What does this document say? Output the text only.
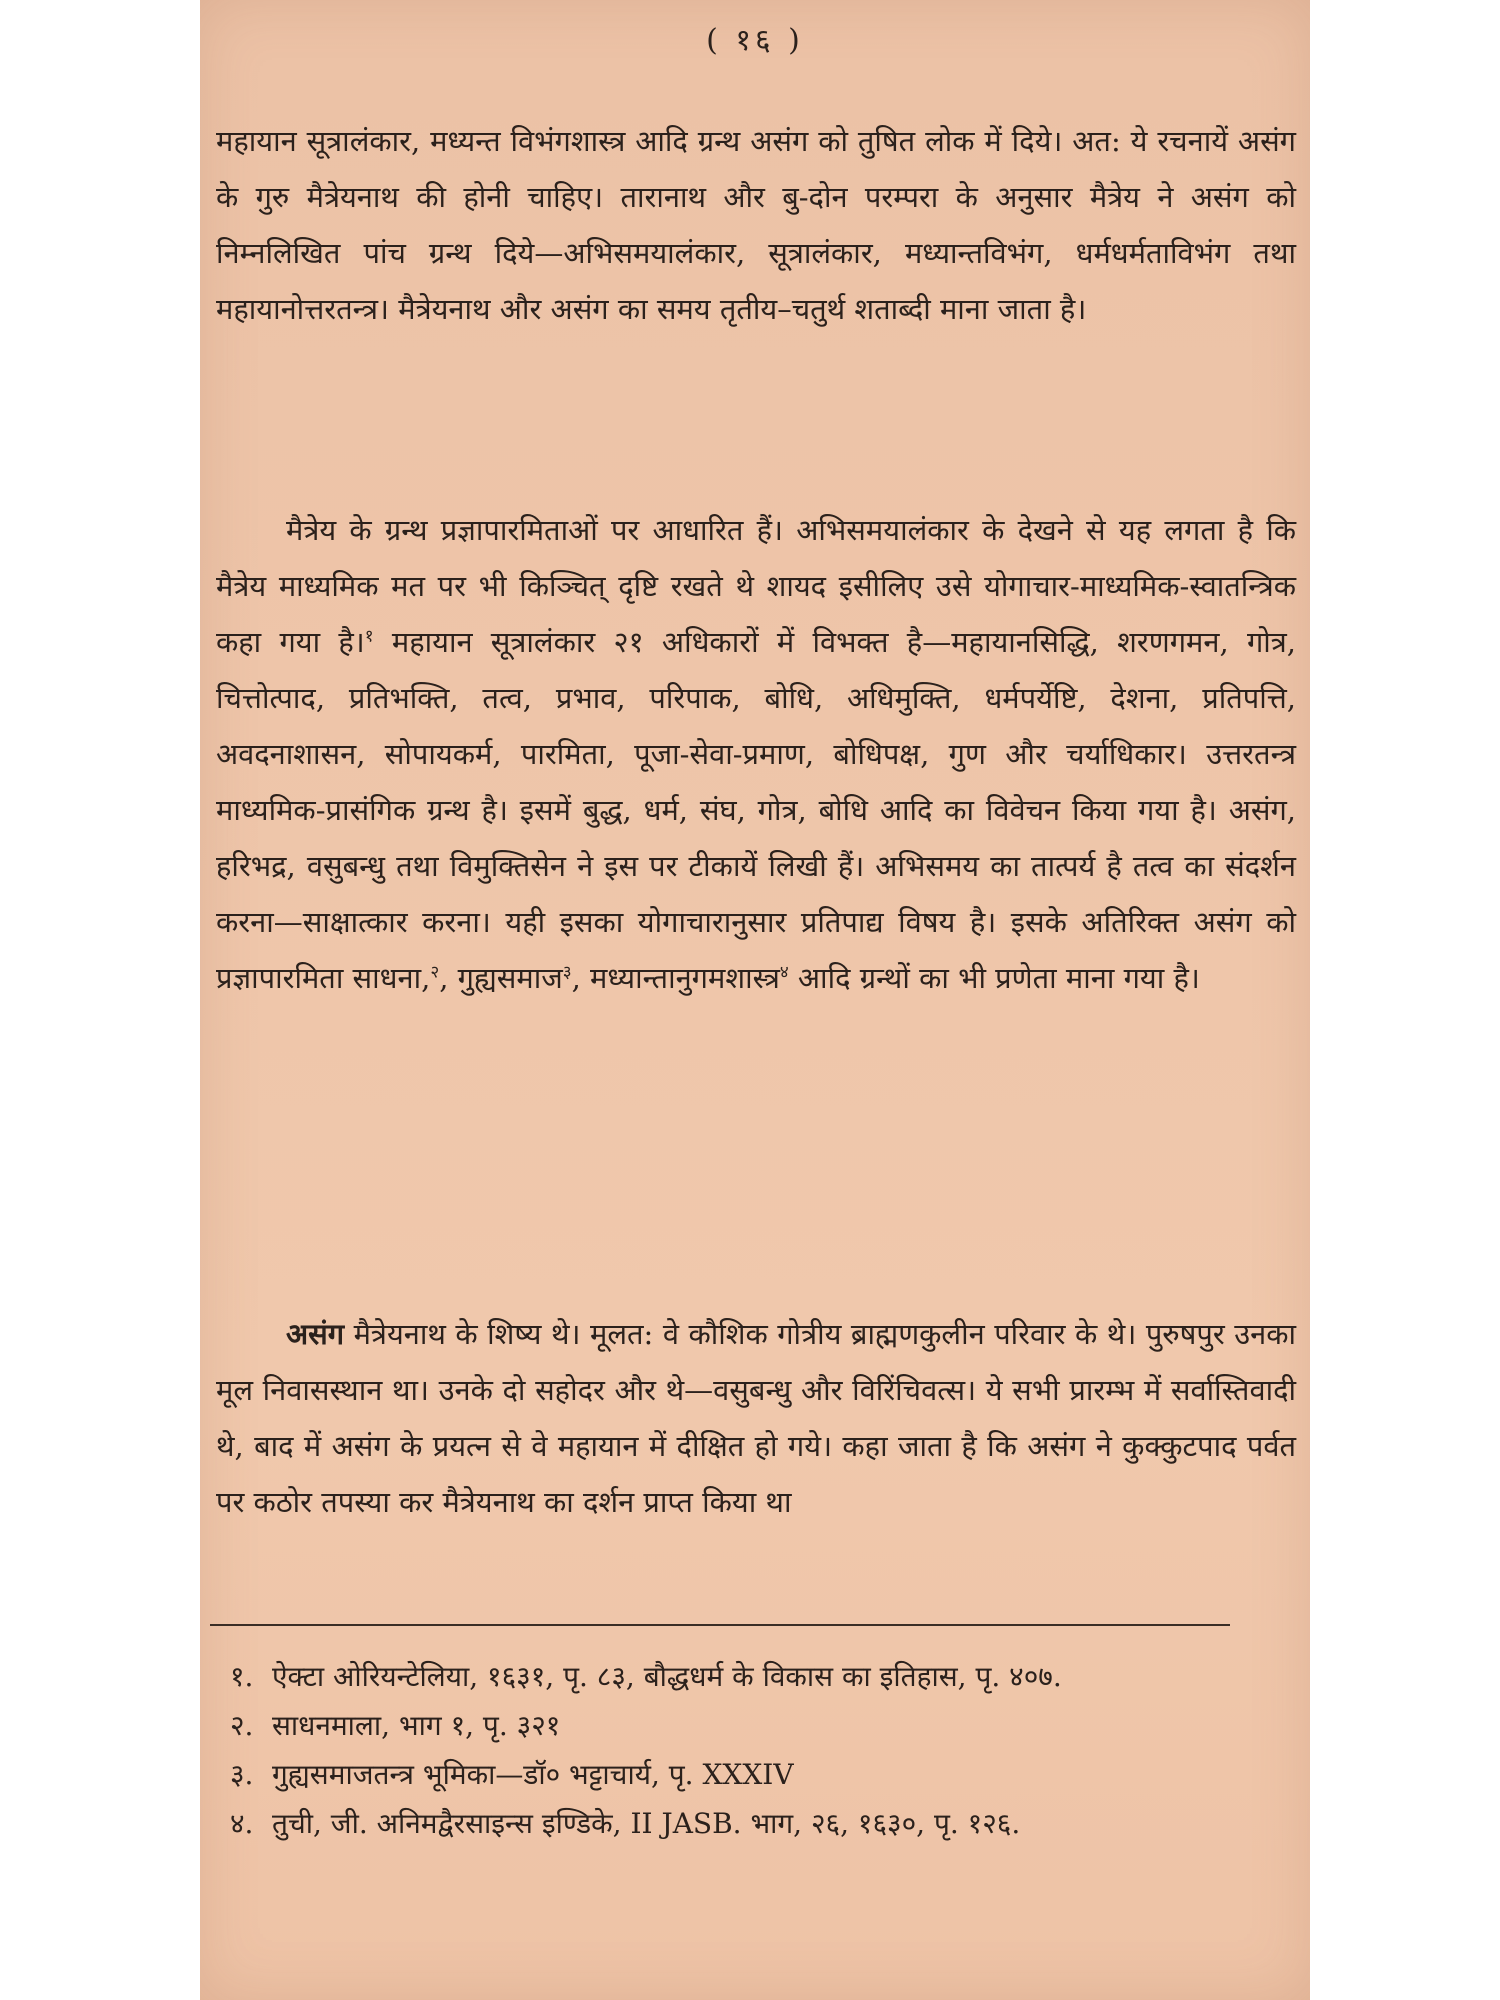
( १६ )

महायान सूत्रालंकार, मध्यन्त विभंगशास्त्र आदि ग्रन्थ असंग को तुषित लोक में दिये। अत: ये रचनायें असंग के गुरु मैत्रेयनाथ की होनी चाहिए। तारानाथ और बु-दोन परम्परा के अनुसार मैत्रेय ने असंग को निम्नलिखित पांच ग्रन्थ दिये—अभिसमयालंकार, सूत्रालंकार, मध्यान्तविभंग, धर्मधर्मताविभंग तथा महायानोत्तरतन्त्र। मैत्रेयनाथ और असंग का समय तृतीय–चतुर्थ शताब्दी माना जाता है।

मैत्रेय के ग्रन्थ प्रज्ञापारमिताओं पर आधारित हैं। अभिसमयालंकार के देखने से यह लगता है कि मैत्रेय माध्यमिक मत पर भी किञ्चित् दृष्टि रखते थे शायद इसीलिए उसे योगाचार-माध्यमिक-स्वातन्त्रिक कहा गया है।$^१$ महायान सूत्रालंकार २१ अधिकारों में विभक्त है—महायानसिद्धि, शरणगमन, गोत्र, चित्तोत्पाद, प्रतिभक्ति, तत्व, प्रभाव, परिपाक, बोधि, अधिमुक्ति, धर्मपर्येष्टि, देशना, प्रतिपत्ति, अवदनाशासन, सोपायकर्म, पारमिता, पूजा-सेवा-प्रमाण, बोधिपक्ष, गुण और चर्याधिकार। उत्तरतन्त्र माध्यमिक-प्रासंगिक ग्रन्थ है। इसमें बुद्ध, धर्म, संघ, गोत्र, बोधि आदि का विवेचन किया गया है। असंग, हरिभद्र, वसुबन्धु तथा विमुक्तिसेन ने इस पर टीकायें लिखी हैं। अभिसमय का तात्पर्य है तत्व का संदर्शन करना—साक्षात्कार करना। यही इसका योगाचारानुसार प्रतिपाद्य विषय है। इसके अतिरिक्त असंग को प्रज्ञापारमिता साधना,$^२$, गुह्यसमाज$^३$, मध्यान्तानुगमशास्त्र$^४$ आदि ग्रन्थों का भी प्रणेता माना गया है।

असंग मैत्रेयनाथ के शिष्य थे। मूलत: वे कौशिक गोत्रीय ब्राह्मणकुलीन परिवार के थे। पुरुषपुर उनका मूल निवासस्थान था। उनके दो सहोदर और थे—वसुबन्धु और विरिंचिवत्स। ये सभी प्रारम्भ में सर्वास्तिवादी थे, बाद में असंग के प्रयत्न से वे महायान में दीक्षित हो गये। कहा जाता है कि असंग ने कुक्कुटपाद पर्वत पर कठोर तपस्या कर मैत्रेयनाथ का दर्शन प्राप्त किया था

१. ऐक्टा ओरियन्टेलिया, १६३१, पृ. ८३, बौद्धधर्म के विकास का इतिहास, पृ. ४०७.
२. साधनमाला, भाग १, पृ. ३२१
३. गुह्यसमाजतन्त्र भूमिका—डॉ० भट्टाचार्य, पृ. XXXIV
४. तुची, जी. अनिमद्वैरसाइन्स इण्डिके, II JASB. भाग, २६, १६३०, पृ. १२६.
